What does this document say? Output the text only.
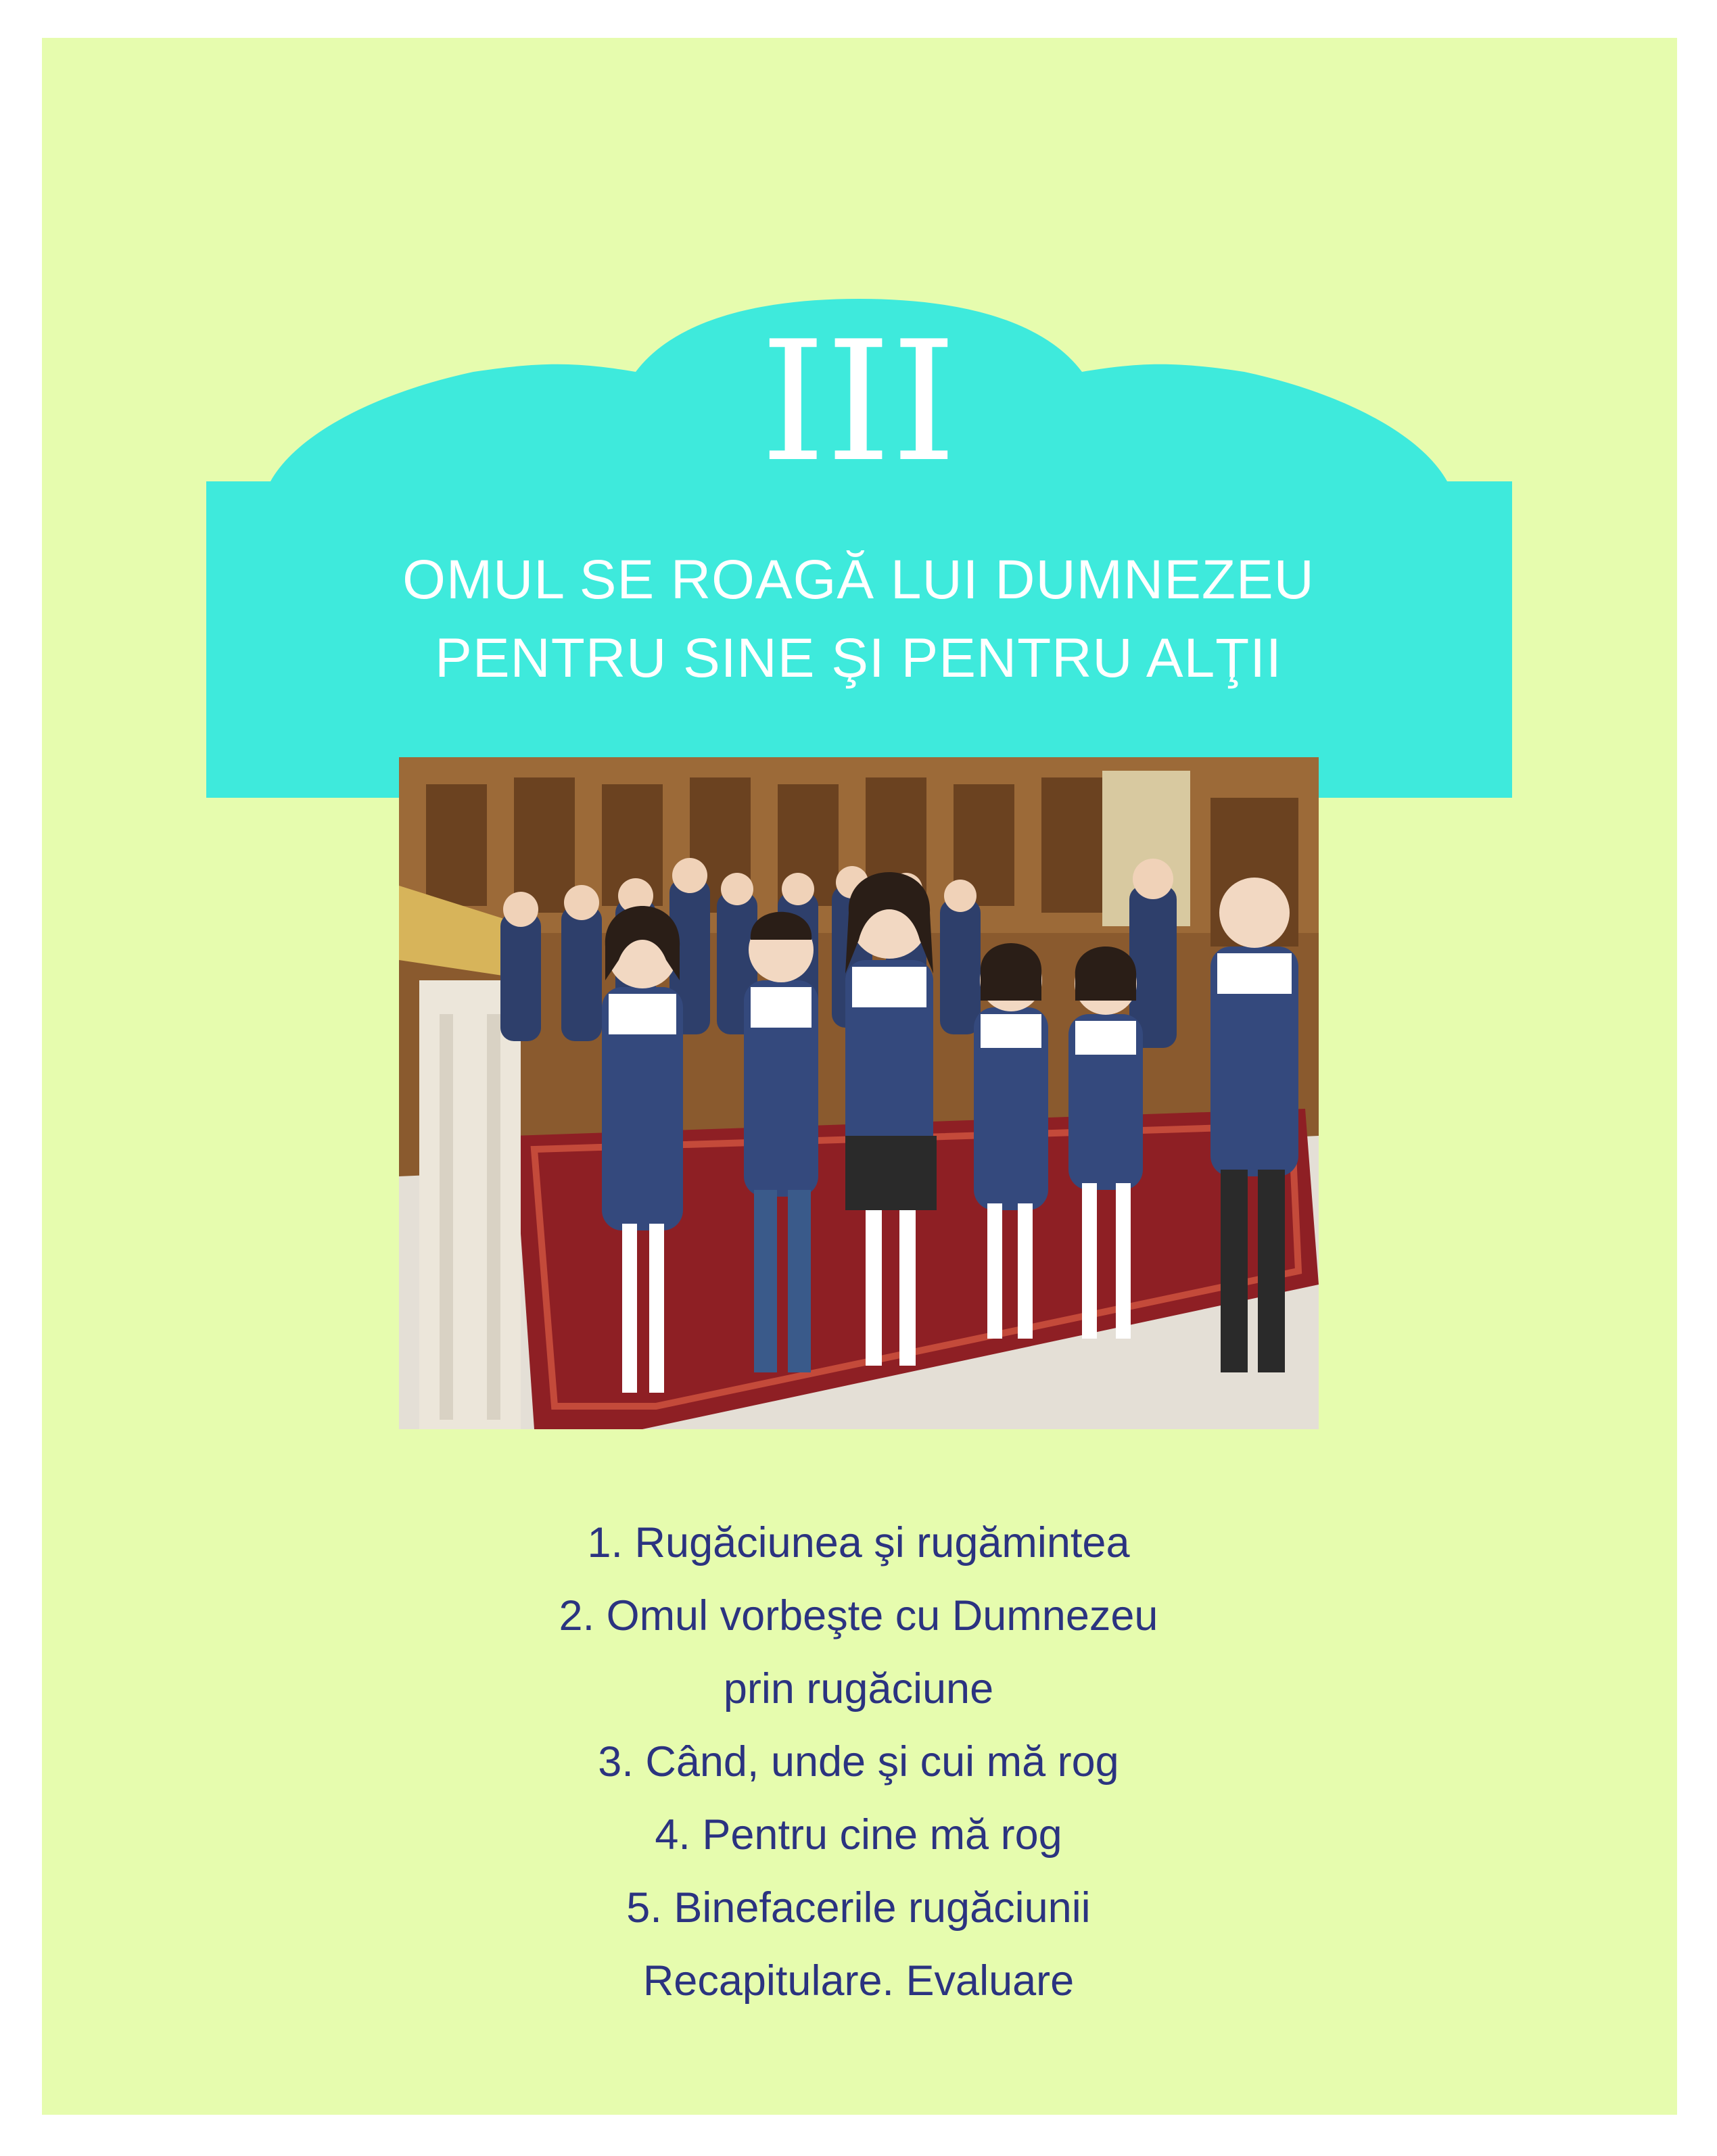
III
OMUL SE ROAGĂ LUI DUMNEZEU
PENTRU SINE ŞI PENTRU ALŢII
1. Rugăciunea şi rugămintea
2. Omul vorbeşte cu Dumnezeu
prin rugăciune
3. Când, unde şi cui mă rog
4. Pentru cine mă rog
5. Binefacerile rugăciunii
Recapitulare. Evaluare
